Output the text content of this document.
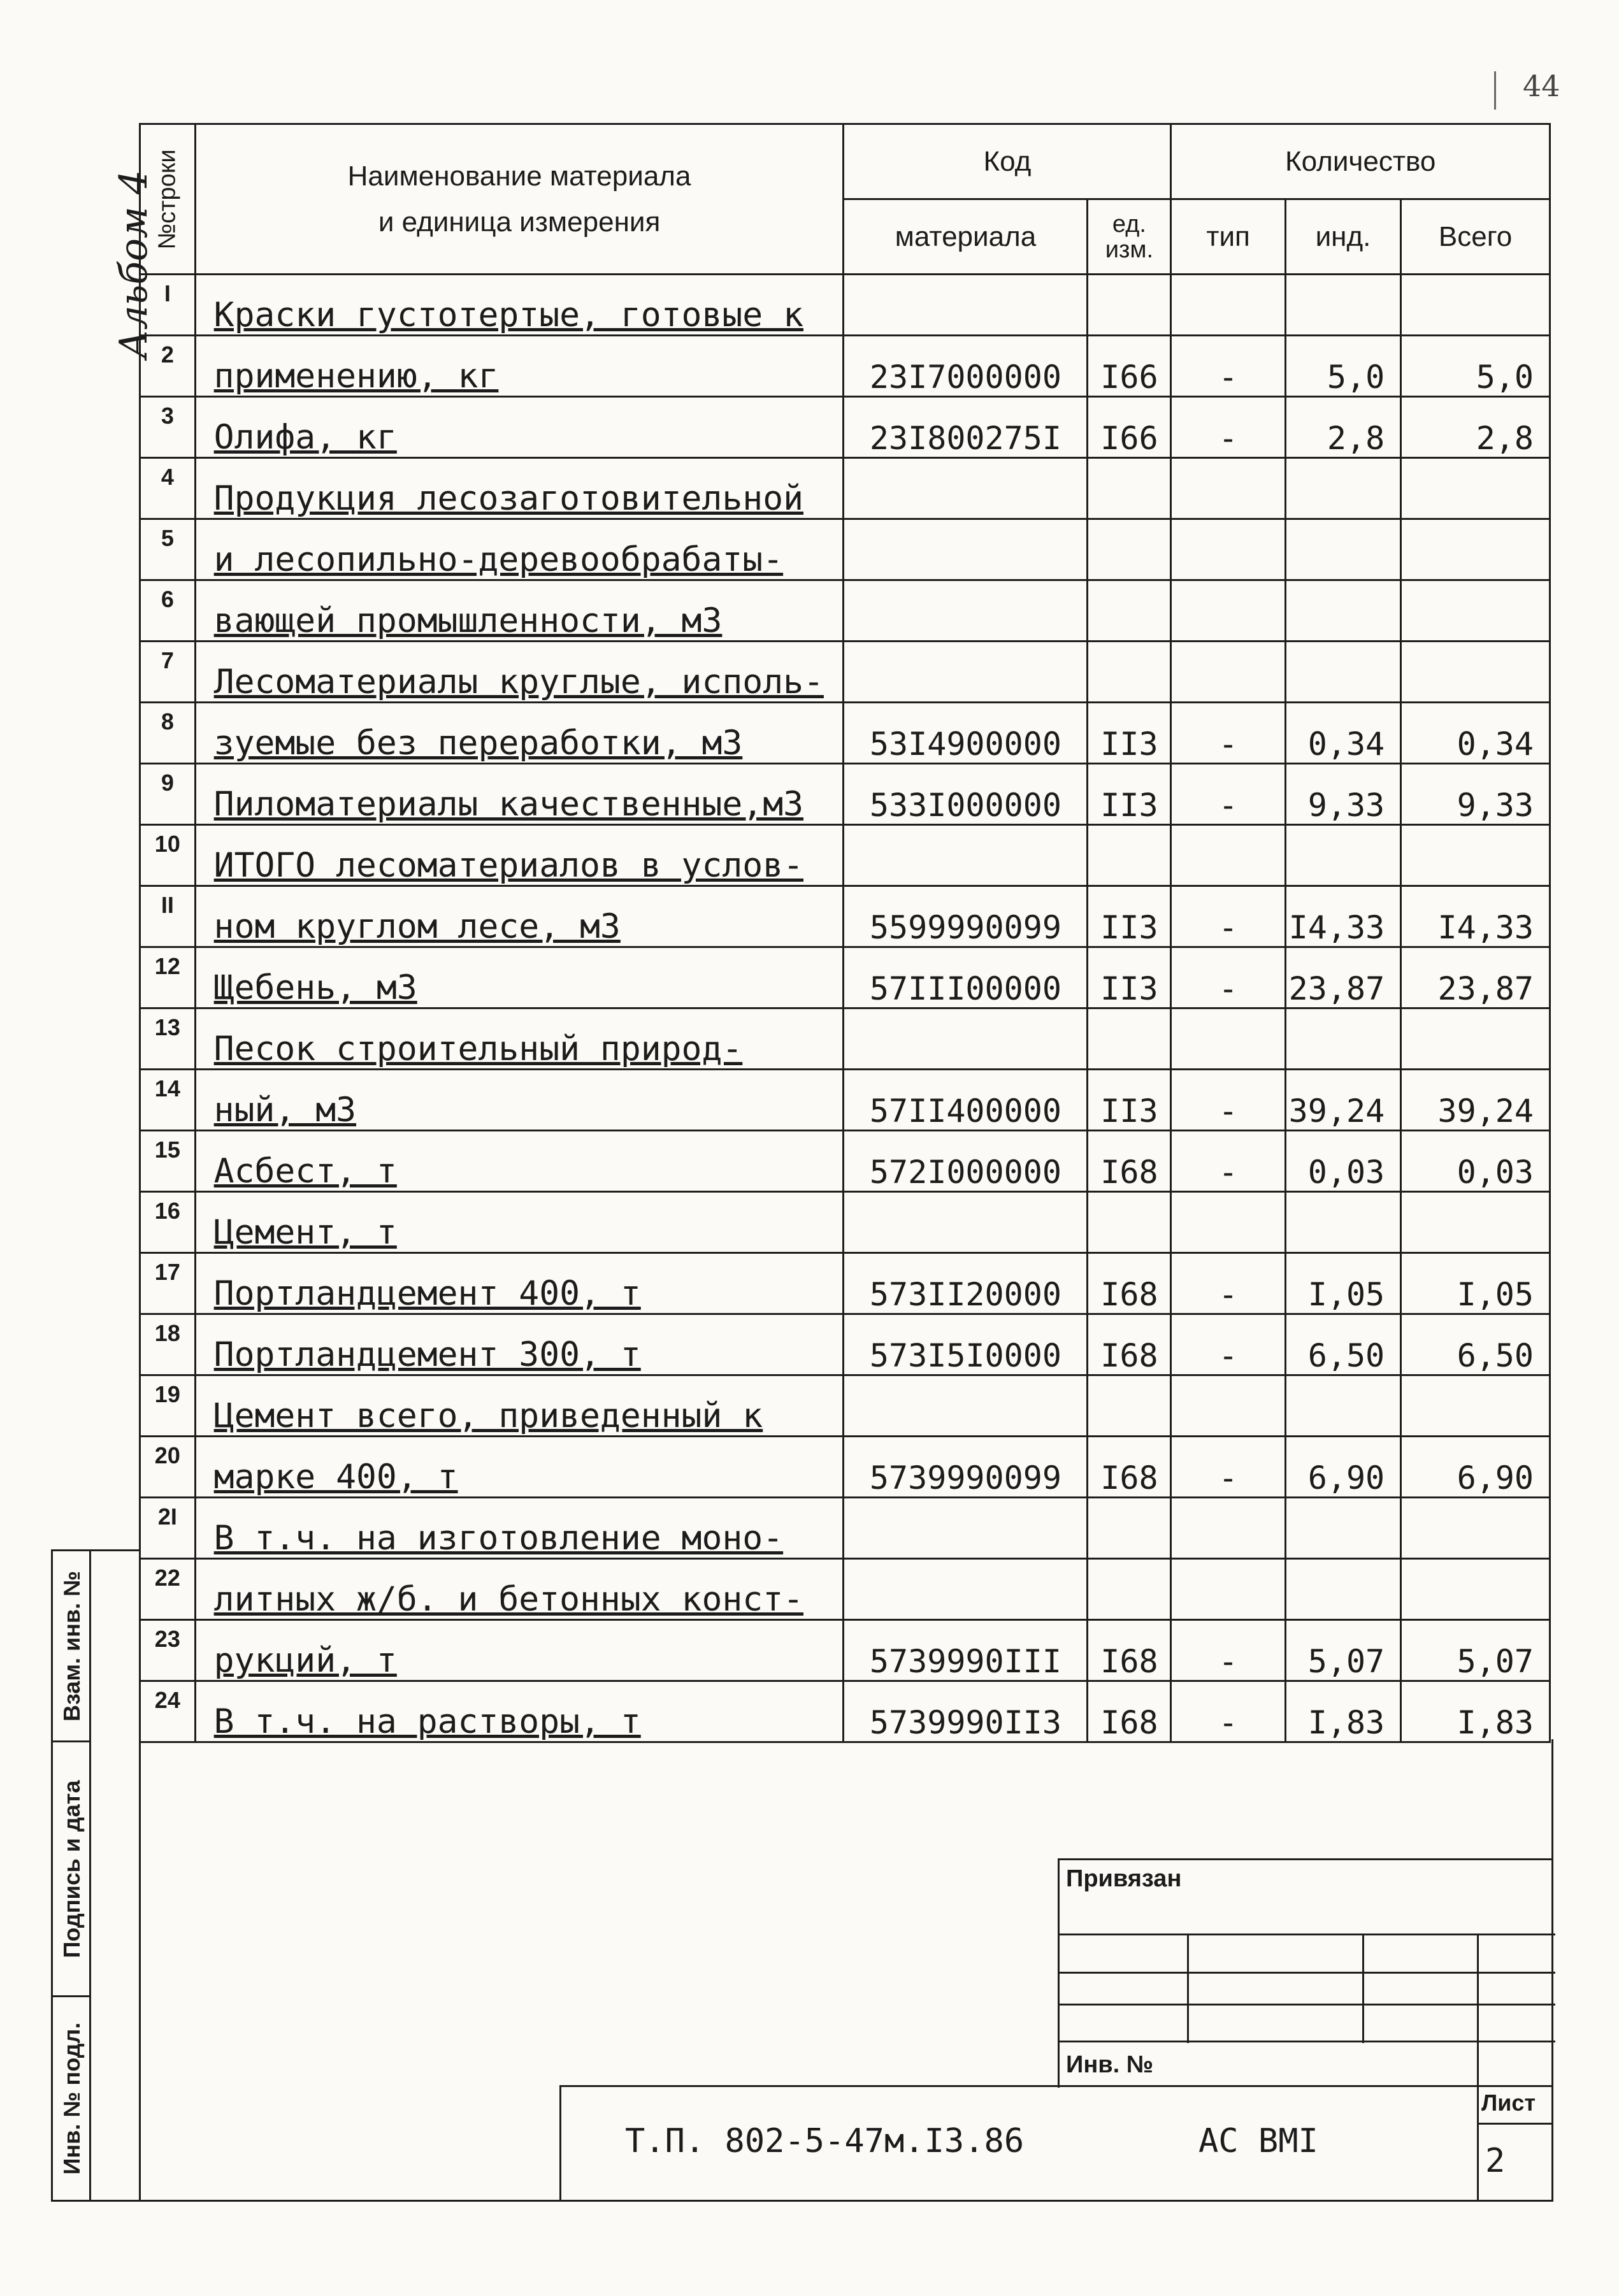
44
Альбом 4
№строки	Наименование материала
и единица измерения	Код		Количество		
		материала	ед. изм.	тип	инд.	Всего
I	Краски густотертые, готовые к					
2	применению, кг	23I7000000	I66	-	5,0	5,0
3	Олифа, кг	23I800275I	I66	-	2,8	2,8
4	Продукция лесозаготовительной					
5	и лесопильно-деревообрабаты-					
6	вающей промышленности, м3					
7	Лесоматериалы круглые, исполь-					
8	зуемые без переработки, м3	53I4900000	II3	-	0,34	0,34
9	Пиломатериалы качественные,м3	533I000000	II3	-	9,33	9,33
10	ИТОГО лесоматериалов в услов-					
II	ном круглом лесе, м3	5599990099	II3	-	I4,33	I4,33
12	Щебень, м3	57III00000	II3	-	23,87	23,87
13	Песок строительный природ-					
14	ный, м3	57II400000	II3	-	39,24	39,24
15	Асбест, т	572I000000	I68	-	0,03	0,03
16	Цемент, т					
17	Портландцемент 400, т	573II20000	I68	-	I,05	I,05
18	Портландцемент 300, т	573I5I0000	I68	-	6,50	6,50
19	Цемент всего, приведенный к					
20	марке 400, т	5739990099	I68	-	6,90	6,90
2I	В т.ч. на изготовление моно-					
22	литных ж/б. и бетонных конст-					
23	рукций, т	5739990III	I68	-	5,07	5,07
24	В т.ч. на растворы, т	5739990II3	I68	-	I,83	I,83
Взам. инв. №
Подпись и дата
Инв. № подл.
Привязан
Инв. №
Т.П. 802-5-47м.I3.86	АС ВМI
Лист
2
